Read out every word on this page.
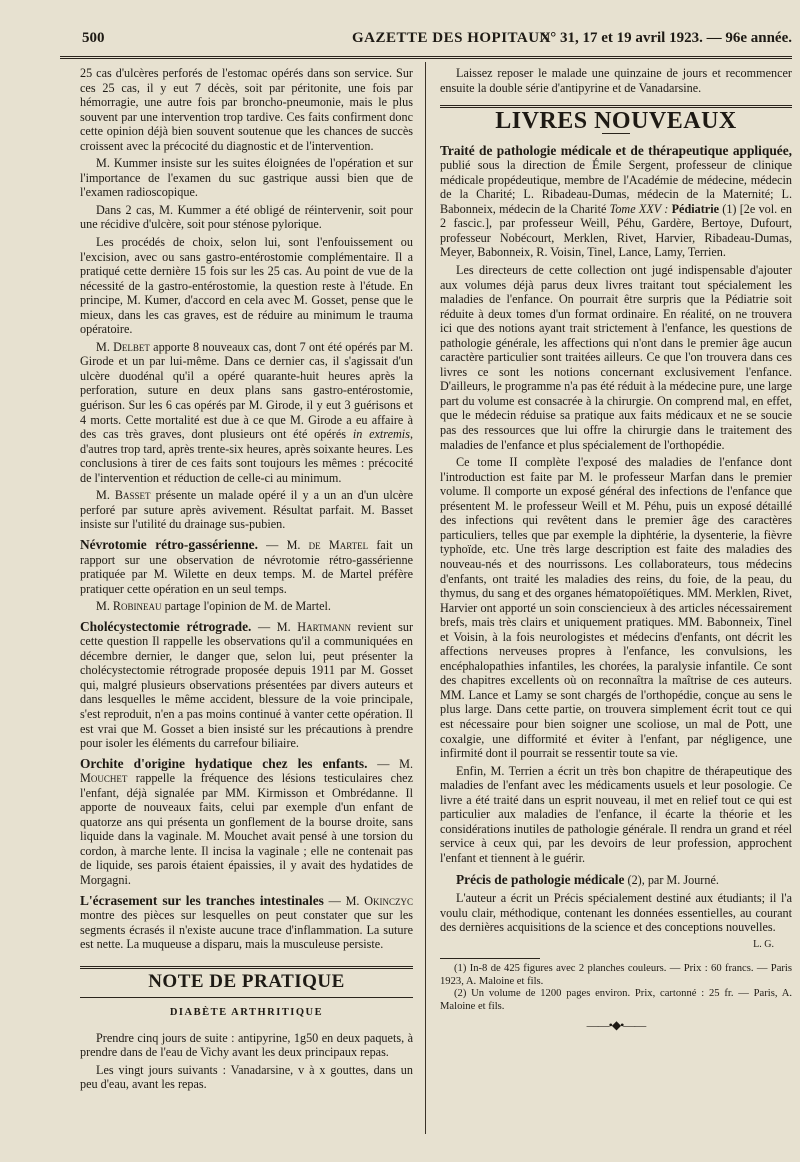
500	GAZETTE DES HOPITAUX
N° 31, 17 et 19 avril 1923. — 96e année.

25 cas d'ulcères perforés de l'estomac opérés dans son service. Sur ces 25 cas, il y eut 7 décès, soit par péritonite, une fois par hémorragie, une autre fois par broncho-pneumonie, mais le plus souvent par une intervention trop tardive. Ces faits confirment donc cette opinion déjà bien souvent soutenue que les chances de succès croissent avec la précocité du diagnostic et de l'intervention.

M. Kummer insiste sur les suites éloignées de l'opération et sur l'importance de l'examen du suc gastrique aussi bien que de l'examen radioscopique.

Dans 2 cas, M. Kummer a été obligé de réintervenir, soit pour une récidive d'ulcère, soit pour sténose pylorique.

Les procédés de choix, selon lui, sont l'enfouissement ou l'excision, avec ou sans gastro-entérostomie complémentaire. Il a pratiqué cette dernière 15 fois sur les 25 cas. Au point de vue de la nécessité de la gastro-entérostomie, la question reste à l'étude. En principe, M. Kumer, d'accord en cela avec M. Gosset, pense que le mieux, dans les cas graves, est de réduire au minimum le trauma opératoire.

M. Delbet apporte 8 nouveaux cas, dont 7 ont été opérés par M. Girode et un par lui-même. Dans ce dernier cas, il s'agissait d'un ulcère duodénal qu'il a opéré quarante-huit heures après la perforation, suture en deux plans sans gastro-entérostomie, guérison. Sur les 6 cas opérés par M. Girode, il y eut 3 guérisons et 4 morts. Cette mortalité est due à ce que M. Girode a eu affaire à des cas très graves, dont plusieurs ont été opérés in extremis, d'autres trop tard, après trente-six heures, après soixante heures. Les conclusions à tirer de ces faits sont toujours les mêmes : précocité de l'intervention et réduction de celle-ci au minimum.

M. Basset présente un malade opéré il y a un an d'un ulcère perforé par suture après avivement. Résultat parfait. M. Basset insiste sur l'utilité du drainage sus-pubien.

Névrotomie rétro-gassérienne. — M. de Martel fait un rapport sur une observation de névrotomie rétro-gassérienne pratiquée par M. Wilette en deux temps. M. de Martel préfère pratiquer cette opération en un seul temps.

M. Robineau partage l'opinion de M. de Martel.

Cholécystectomie rétrograde. — M. Hartmann revient sur cette question Il rappelle les observations qu'il a communiquées en décembre dernier, le danger que, selon lui, peut présenter la cholécystectomie rétrograde proposée depuis 1911 par M. Gosset qui, malgré plusieurs observations présentées par divers auteurs et dans lesquelles le même accident, blessure de la voie principale, s'est reproduit, n'en a pas moins continué à vanter cette opération. Il est vrai que M. Gosset a bien insisté sur les précautions à prendre pour isoler les éléments du carrefour biliaire.

Orchite d'origine hydatique chez les enfants. — M. Mouchet rappelle la fréquence des lésions testiculaires chez l'enfant, déjà signalée par MM. Kirmisson et Ombrédanne. Il apporte de nouveaux faits, celui par exemple d'un enfant de quatorze ans qui présenta un gonflement de la bourse droite, sans liquide dans la vaginale. M. Mouchet avait pensé à une torsion du cordon, à marche lente. Il incisa la vaginale ; elle ne contenait pas de liquide, ses parois étaient épaissies, il y avait des hydatides de Morgagni.

L'écrasement sur les tranches intestinales — M. Okinczyc montre des pièces sur lesquelles on peut constater que sur les segments écrasés il n'existe aucune trace d'inflammation. La suture est nette. La muqueuse a disparu, mais la musculeuse persiste.

NOTE DE PRATIQUE
DIABÈTE ARTHRITIQUE

Prendre cinq jours de suite : antipyrine, 1g50 en deux paquets, à prendre dans de l'eau de Vichy avant les deux principaux repas.

Les vingt jours suivants : Vanadarsine, v à x gouttes, dans un peu d'eau, avant les repas.

Laissez reposer le malade une quinzaine de jours et recommencer ensuite la double série d'antipyrine et de Vanadarsine.

LIVRES NOUVEAUX

Traité de pathologie médicale et de thérapeutique appliquée, publié sous la direction de Émile Sergent, professeur de clinique médicale propédeutique, membre de l'Académie de médecine, médecin de la Charité; L. Ribadeau-Dumas, médecin de la Maternité; L. Babonneix, médecin de la Charité Tome XXV : Pédiatrie (1) [2e vol. en 2 fascic.], par professeur Weill, Péhu, Gardère, Bertoye, Dufourt, professeur Nobécourt, Merklen, Rivet, Harvier, Ribadeau-Dumas, Meyer, Babonneix, R. Voisin, Tinel, Lance, Lamy, Terrien.

Les directeurs de cette collection ont jugé indispensable d'ajouter aux volumes déjà parus deux livres traitant tout spécialement les maladies de l'enfance. On pourrait être surpris que la Pédiatrie soit réduite à deux tomes d'un format ordinaire. En réalité, on ne trouvera ici que des notions ayant trait strictement à l'enfance, les questions de pathologie générale, les affections qui n'ont dans le premier âge aucun caractère particulier sont traitées ailleurs. Ce que l'on trouvera dans ces livres ce sont les notions concernant exclusivement l'enfance. D'ailleurs, le programme n'a pas été réduit à la médecine pure, une large part du volume est consacrée à la chirurgie. On comprend mal, en effet, que le médecin réduise sa pratique aux faits médicaux et ne se soucie pas des ressources que lui offre la chirurgie dans le traitement des maladies de l'enfance et plus spécialement de l'orthopédie.

Ce tome II complète l'exposé des maladies de l'enfance dont l'introduction est faite par M. le professeur Marfan dans le premier volume. Il comporte un exposé général des infections de l'enfance que présentent M. le professeur Weill et M. Péhu, puis un exposé détaillé des infections qui revêtent dans le premier âge des caractères particuliers, telles que par exemple la diphtérie, la dysenterie, la fièvre typhoïde, etc. Une très large description est faite des maladies des nouveau-nés et des nourrissons. Les collaborateurs, tous médecins d'enfants, ont traité les maladies des reins, du foie, de la peau, du thymus, du sang et des organes hématopoïétiques. MM. Merklen, Rivet, Harvier ont apporté un soin consciencieux à des articles nécessairement brefs, mais très clairs et uniquement pratiques. MM. Babonneix, Tinel et Voisin, à la fois neurologistes et médecins d'enfants, ont décrit les affections nerveuses propres à l'enfance, les convulsions, les encéphalopathies infantiles, les chorées, la paralysie infantile. Ce sont des chapitres excellents où on reconnaîtra la maîtrise de ces auteurs. MM. Lance et Lamy se sont chargés de l'orthopédie, conçue au sens le plus large. Dans cette partie, on trouvera simplement écrit tout ce qui est nécessaire pour bien soigner une scoliose, un mal de Pott, une coxalgie, une difformité et éviter à l'enfant, par négligence, une infirmité dont il pourrait se ressentir toute sa vie.

Enfin, M. Terrien a écrit un très bon chapitre de thérapeutique des maladies de l'enfant avec les médicaments usuels et leur posologie. Ce livre a été traité dans un esprit nouveau, il met en relief tout ce qui est particulier aux maladies de l'enfance, il écarte la théorie et les considérations inutiles de pathologie générale. Il rendra un grand et réel service à ceux qui, par les devoirs de leur profession, approchent l'enfant et tiennent à le guérir.

Précis de pathologie médicale (2), par M. Journé.

L'auteur a écrit un Précis spécialement destiné aux étudiants; il l'a voulu clair, méthodique, contenant les données essentielles, au courant des dernières acquisitions de la science et des conceptions nouvelles.

L. G.

(1) In-8 de 425 figures avec 2 planches couleurs. — Prix : 60 francs. — Paris 1923, A. Maloine et fils.

(2) Un volume de 1200 pages environ. Prix, cartonné : 25 fr. — Paris, A. Maloine et fils.

——•◆•——
